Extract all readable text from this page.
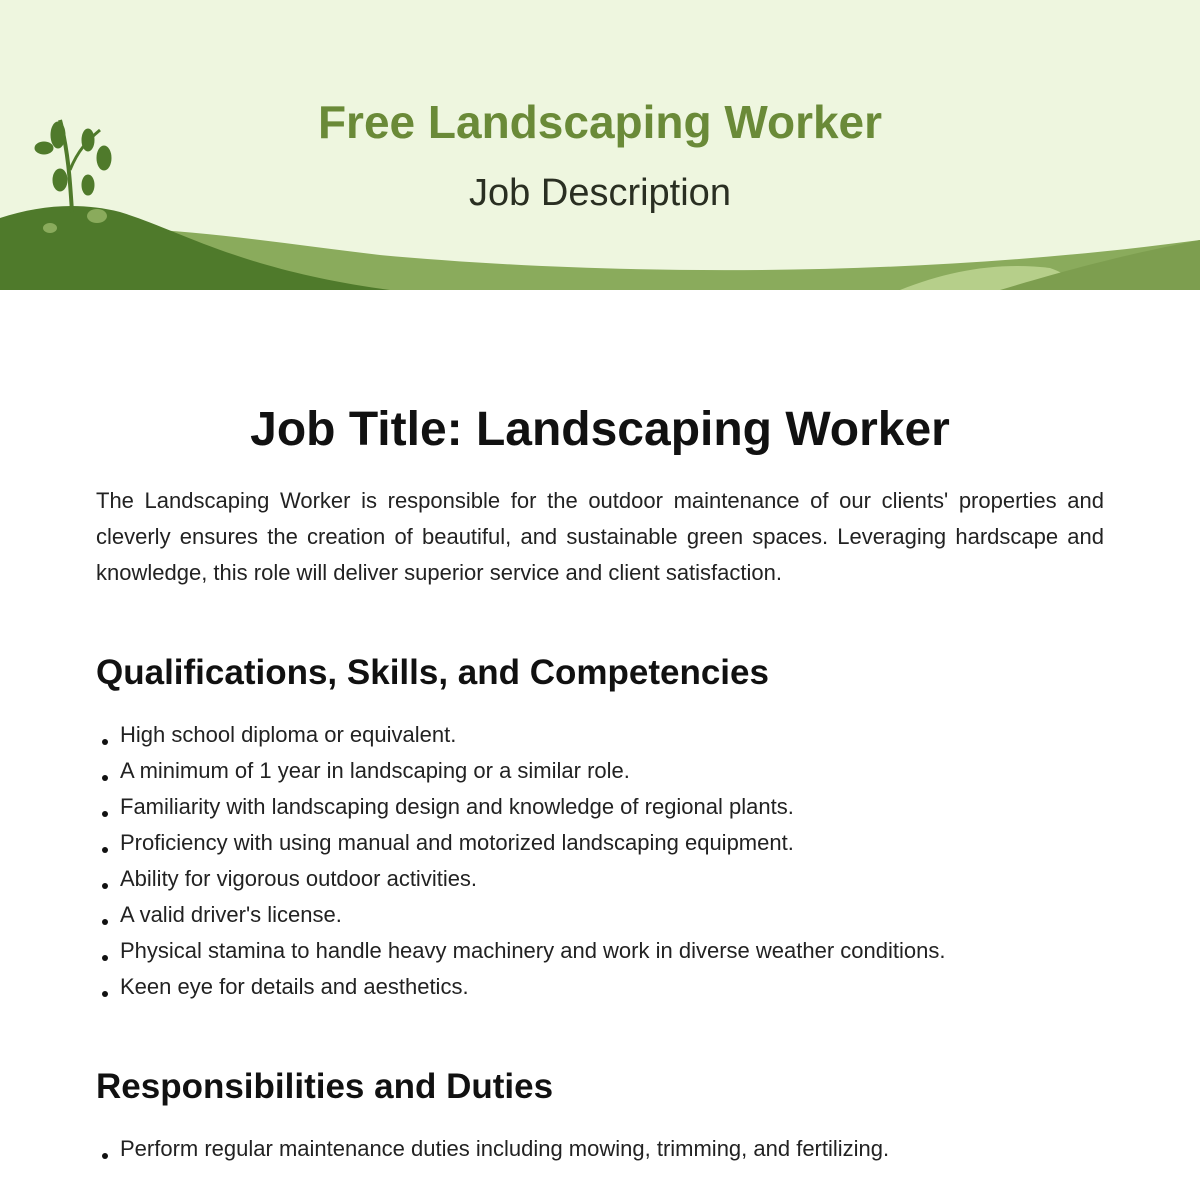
Free Landscaping Worker
Job Description
Job Title: Landscaping Worker

The Landscaping Worker is responsible for the outdoor maintenance of our clients' properties and cleverly ensures the creation of beautiful, and sustainable green spaces. Leveraging hardscape and knowledge, this role will deliver superior service and client satisfaction.

Qualifications, Skills, and Competencies
High school diploma or equivalent.
A minimum of 1 year in landscaping or a similar role.
Familiarity with landscaping design and knowledge of regional plants.
Proficiency with using manual and motorized landscaping equipment.
Ability for vigorous outdoor activities.
A valid driver's license.
Physical stamina to handle heavy machinery and work in diverse weather conditions.
Keen eye for details and aesthetics.
Responsibilities and Duties
Perform regular maintenance duties including mowing, trimming, and fertilizing.
